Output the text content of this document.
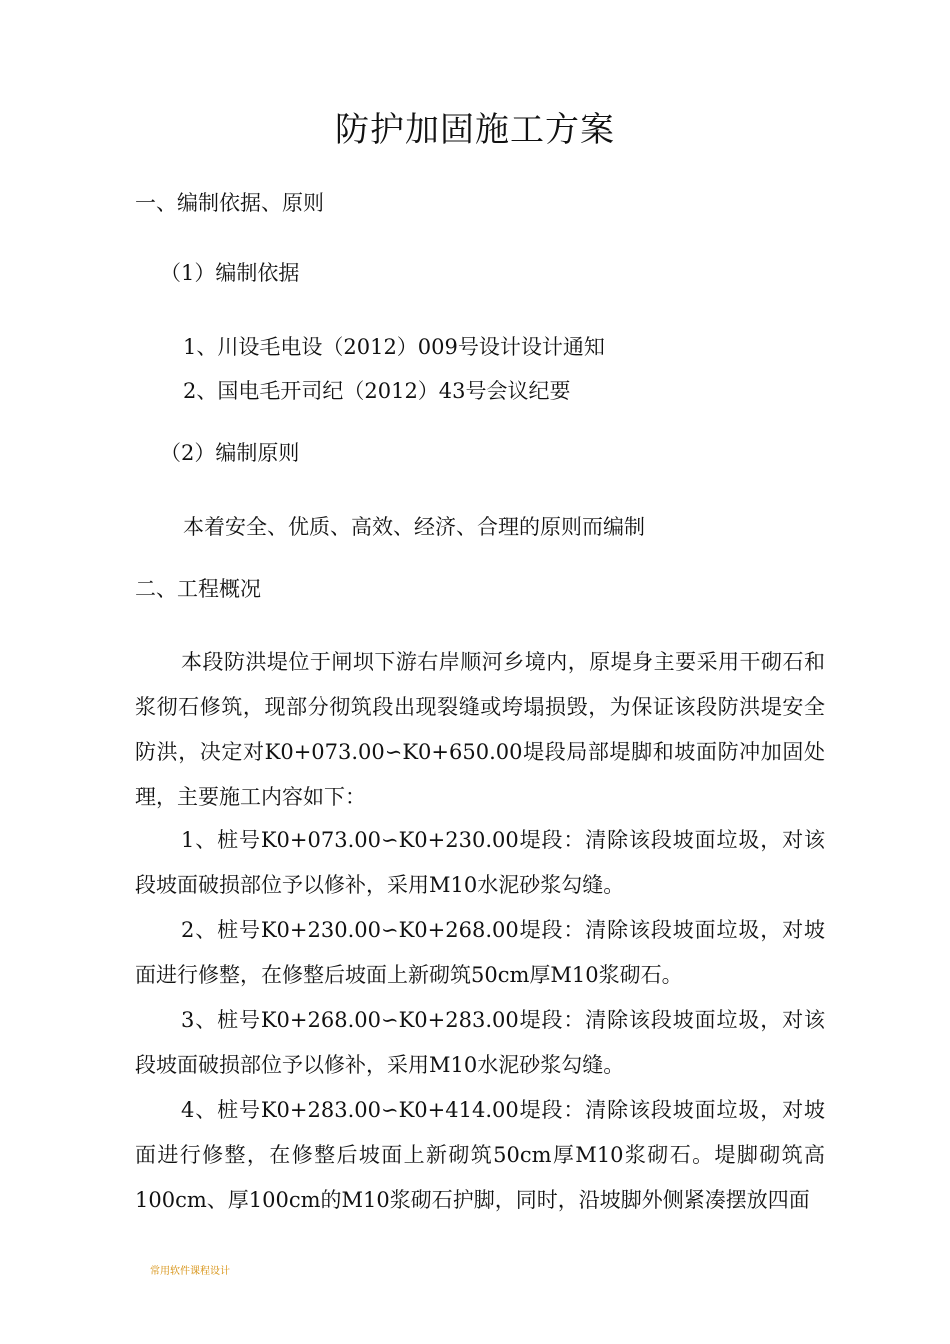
防护加固施工方案
一、编制依据、原则
（1）编制依据
1、川设毛电设（2012）009号设计设计通知
2、国电毛开司纪（2012）43号会议纪要
（2）编制原则
本着安全、优质、高效、经济、合理的原则而编制
二、工程概况
本段防洪堤位于闸坝下游右岸顺河乡境内，原堤身主要采用干砌石和浆彻石修筑，现部分彻筑段出现裂缝或垮塌损毁，为保证该段防洪堤安全防洪，决定对K0+073.00∽K0+650.00堤段局部堤脚和坡面防冲加固处理，主要施工内容如下：
1、桩号K0+073.00∽K0+230.00堤段：清除该段坡面垃圾，对该段坡面破损部位予以修补，采用M10水泥砂浆勾缝。
2、桩号K0+230.00∽K0+268.00堤段：清除该段坡面垃圾，对坡面进行修整，在修整后坡面上新砌筑50cm厚M10浆砌石。
3、桩号K0+268.00∽K0+283.00堤段：清除该段坡面垃圾，对该段坡面破损部位予以修补，采用M10水泥砂浆勾缝。
4、桩号K0+283.00∽K0+414.00堤段：清除该段坡面垃圾，对坡面进行修整，在修整后坡面上新砌筑50cm厚M10浆砌石。堤脚砌筑高100cm、厚100cm的M10浆砌石护脚，同时，沿坡脚外侧紧凑摆放四面
常用软件课程设计
